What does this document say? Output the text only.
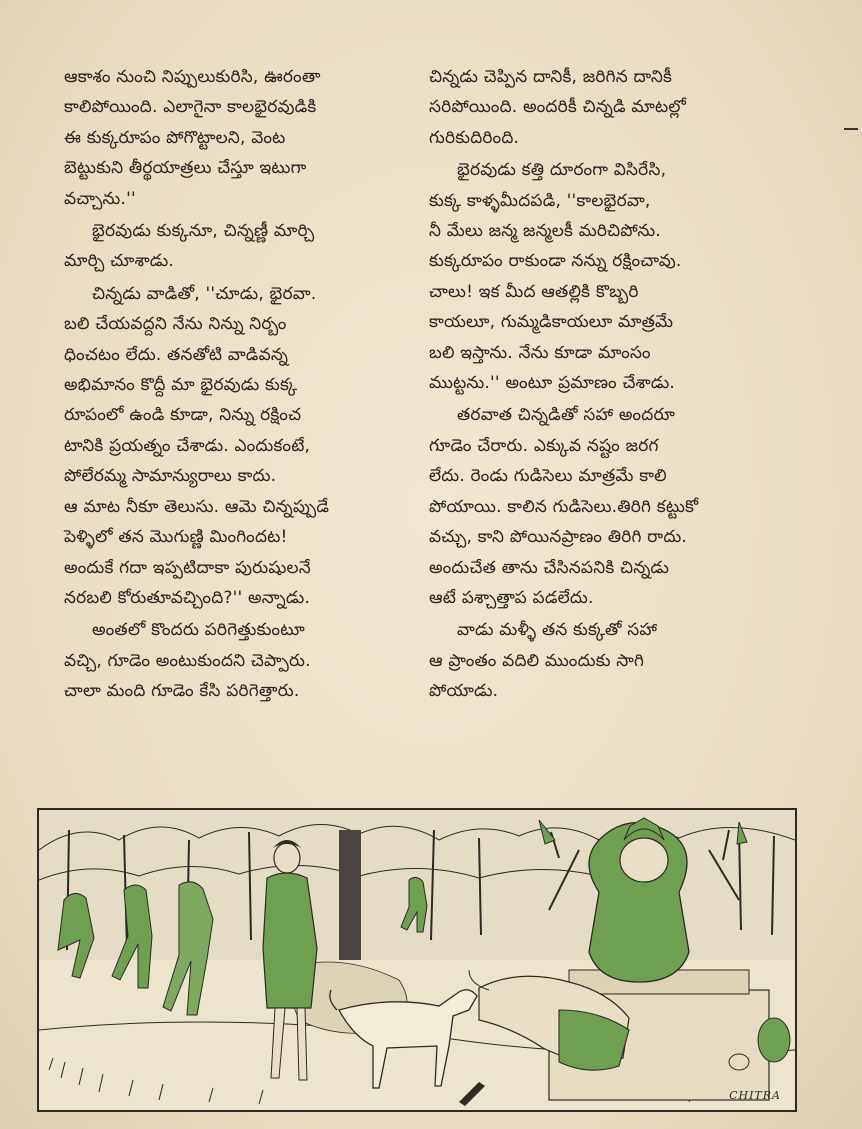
ఆకాశం నుంచి నిప్పులుకురిసి, ఊరంతా
కాలిపోయింది. ఎలాగైనా కాలభైరవుడికి
ఈ కుక్కరూపం పోగొట్టాలని, వెంట
బెట్టుకుని తీర్థయాత్రలు చేస్తూ ఇటుగా
వచ్చాను.''

భైరవుడు కుక్కనూ, చిన్నణ్ణీ మార్చి
మార్చి చూశాడు.

చిన్నడు వాడితో, ''చూడు, భైరవా.
బలి చేయవద్దని నేను నిన్ను నిర్బం
ధించటం లేదు. తనతోటి వాడివన్న
అభిమానం కొద్దీ మా భైరవుడు కుక్క
రూపంలో ఉండి కూడా, నిన్ను రక్షించ
టానికి ప్రయత్నం చేశాడు. ఎందుకంటే,
పోలేరమ్మ సామాన్యురాలు కాదు.
ఆ మాట నీకూ తెలుసు. ఆమె చిన్నప్పుడే
పెళ్ళిలో తన మొగుణ్ణి మింగిందట!
అందుకే గదా ఇప్పటిదాకా పురుషులనే
నరబలి కోరుతూవచ్చింది?'' అన్నాడు.

అంతలో కొందరు పరిగెత్తుకుంటూ
వచ్చి, గూడెం అంటుకుందని చెప్పారు.
చాలా మంది గూడెం కేసి పరిగెత్తారు.

చిన్నడు చెప్పిన దానికీ, జరిగిన దానికీ
సరిపోయింది. అందరికీ చిన్నడి మాటల్లో
గురికుదిరింది.

భైరవుడు కత్తి దూరంగా విసిరేసి,
కుక్క కాళ్ళమీదపడి, ''కాలభైరవా,
నీ మేలు జన్మ జన్మలకీ మరిచిపోను.
కుక్కరూపం రాకుండా నన్ను రక్షించావు.
చాలు! ఇక మీద ఆతల్లికి కొబ్బరి
కాయలూ, గుమ్మడికాయలూ మాత్రమే
బలి ఇస్తాను. నేను కూడా మాంసం
ముట్టను.'' అంటూ ప్రమాణం చేశాడు.

తరవాత చిన్నడితో సహా అందరూ
గూడెం చేరారు. ఎక్కువ నష్టం జరగ
లేదు. రెండు గుడిసెలు మాత్రమే కాలి
పోయాయి. కాలిన గుడిసెలు.తిరిగి కట్టుకో
వచ్చు, కాని పోయినప్రాణం తిరిగి రాదు.
అందుచేత తాను చేసినపనికి చిన్నడు
ఆటే పశ్చాత్తాప పడలేదు.

వాడు మళ్ళీ తన కుక్కతో సహా
ఆ ప్రాంతం వదిలి ముందుకు సాగి
పోయాడు.

CHITRA
